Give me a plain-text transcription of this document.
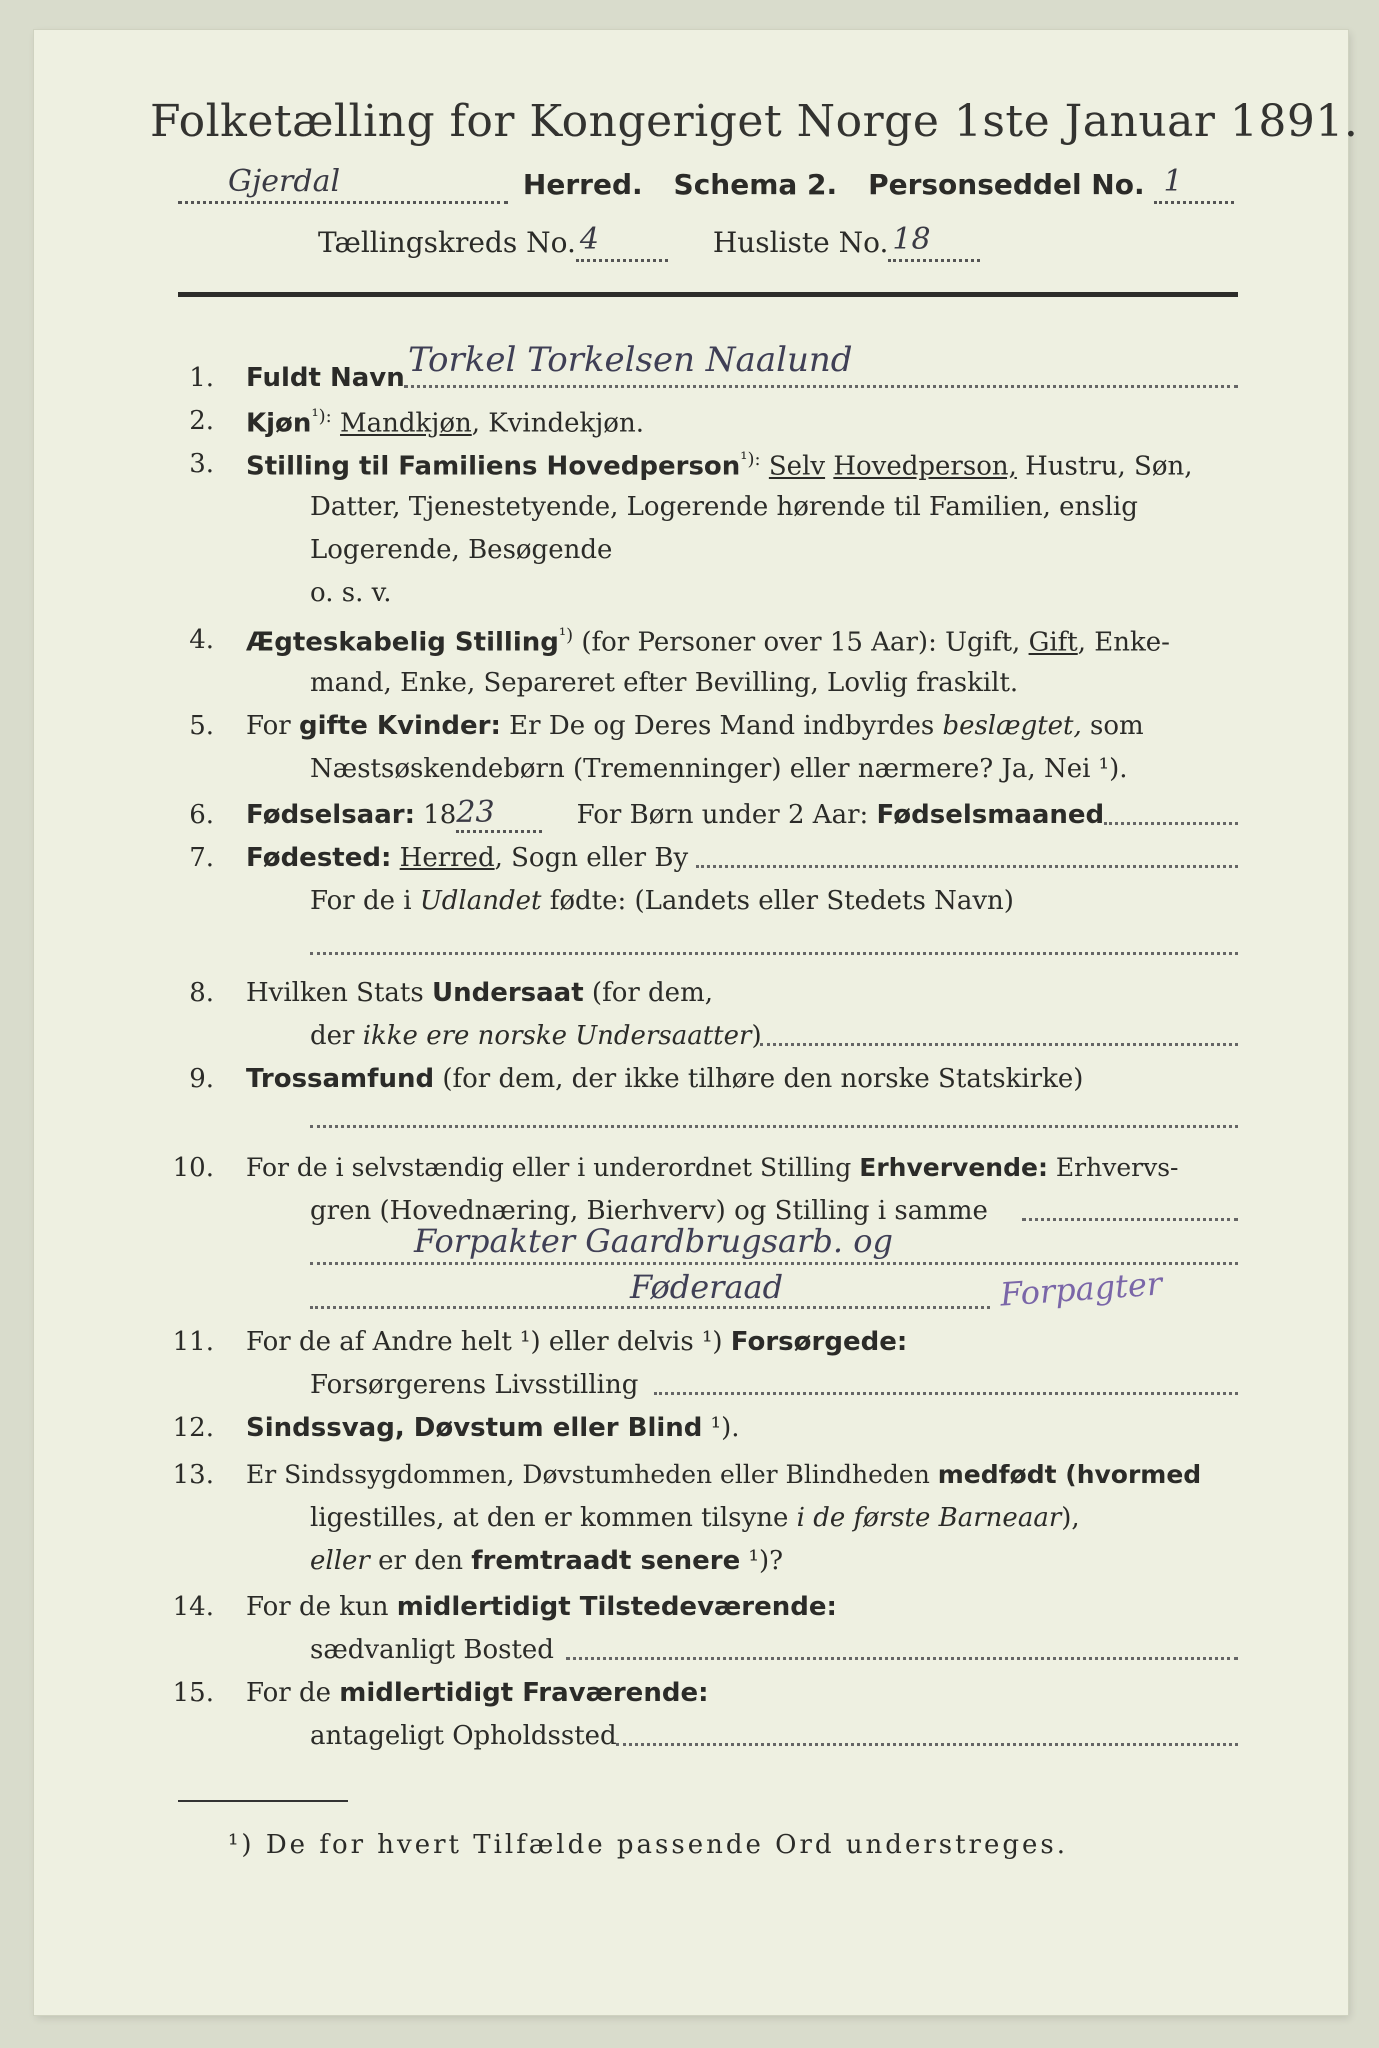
Folketælling for Kongeriget Norge 1ste Januar 1891.
Gjerdal	Herred. Schema 2. Personseddel No. 1

Tællingskreds No. 4	Husliste No. 18

1. Fuldt Navn Torkel Torkelsen Naalund
2. Kjøn$^{^1):}$ Mandkjøn, Kvindekjøn.
3. Stilling til Familiens Hovedperson$^{^1):}$ Selv Hovedperson, Hustru, Søn,
Datter, Tjenestetyende, Logerende hørende til Familien, enslig
Logerende, Besøgende
o. s. v.
4. Ægteskabelig Stilling$^{^1)}$ (for Personer over 15 Aar): Ugift, Gift, Enke-
mand, Enke, Separeret efter Bevilling, Lovlig fraskilt.
5. For gifte Kvinder: Er De og Deres Mand indbyrdes beslægtet, som
Næstsøskendebørn (Tremenninger) eller nærmere? Ja, Nei ¹).
6. Fødselsaar: 18 23	For Børn under 2 Aar: Fødselsmaaned
7. Fødested: Herred, Sogn eller By
For de i Udlandet fødte: (Landets eller Stedets Navn)
8. Hvilken Stats Undersaat (for dem,
der ikke ere norske Undersaatter)
9. Trossamfund (for dem, der ikke tilhøre den norske Statskirke)
10. For de i selvstændig eller i underordnet Stilling Erhvervende: Erhvervs-
gren (Hovednæring, Bierhverv) og Stilling i samme
Forpakter Gaardbrugsarb. og
Føderaad	Forpagter
11. For de af Andre helt ¹) eller delvis ¹) Forsørgede:
Forsørgerens Livsstilling
12. Sindssvag, Døvstum eller Blind ¹).
13. Er Sindssygdommen, Døvstumheden eller Blindheden medfødt (hvormed
ligestilles, at den er kommen tilsyne i de første Barneaar),
eller er den fremtraadt senere ¹)?
14. For de kun midlertidigt Tilstedeværende:
sædvanligt Bosted
15. For de midlertidigt Fraværende:
antageligt Opholdssted
¹) De for hvert Tilfælde passende Ord understreges.
